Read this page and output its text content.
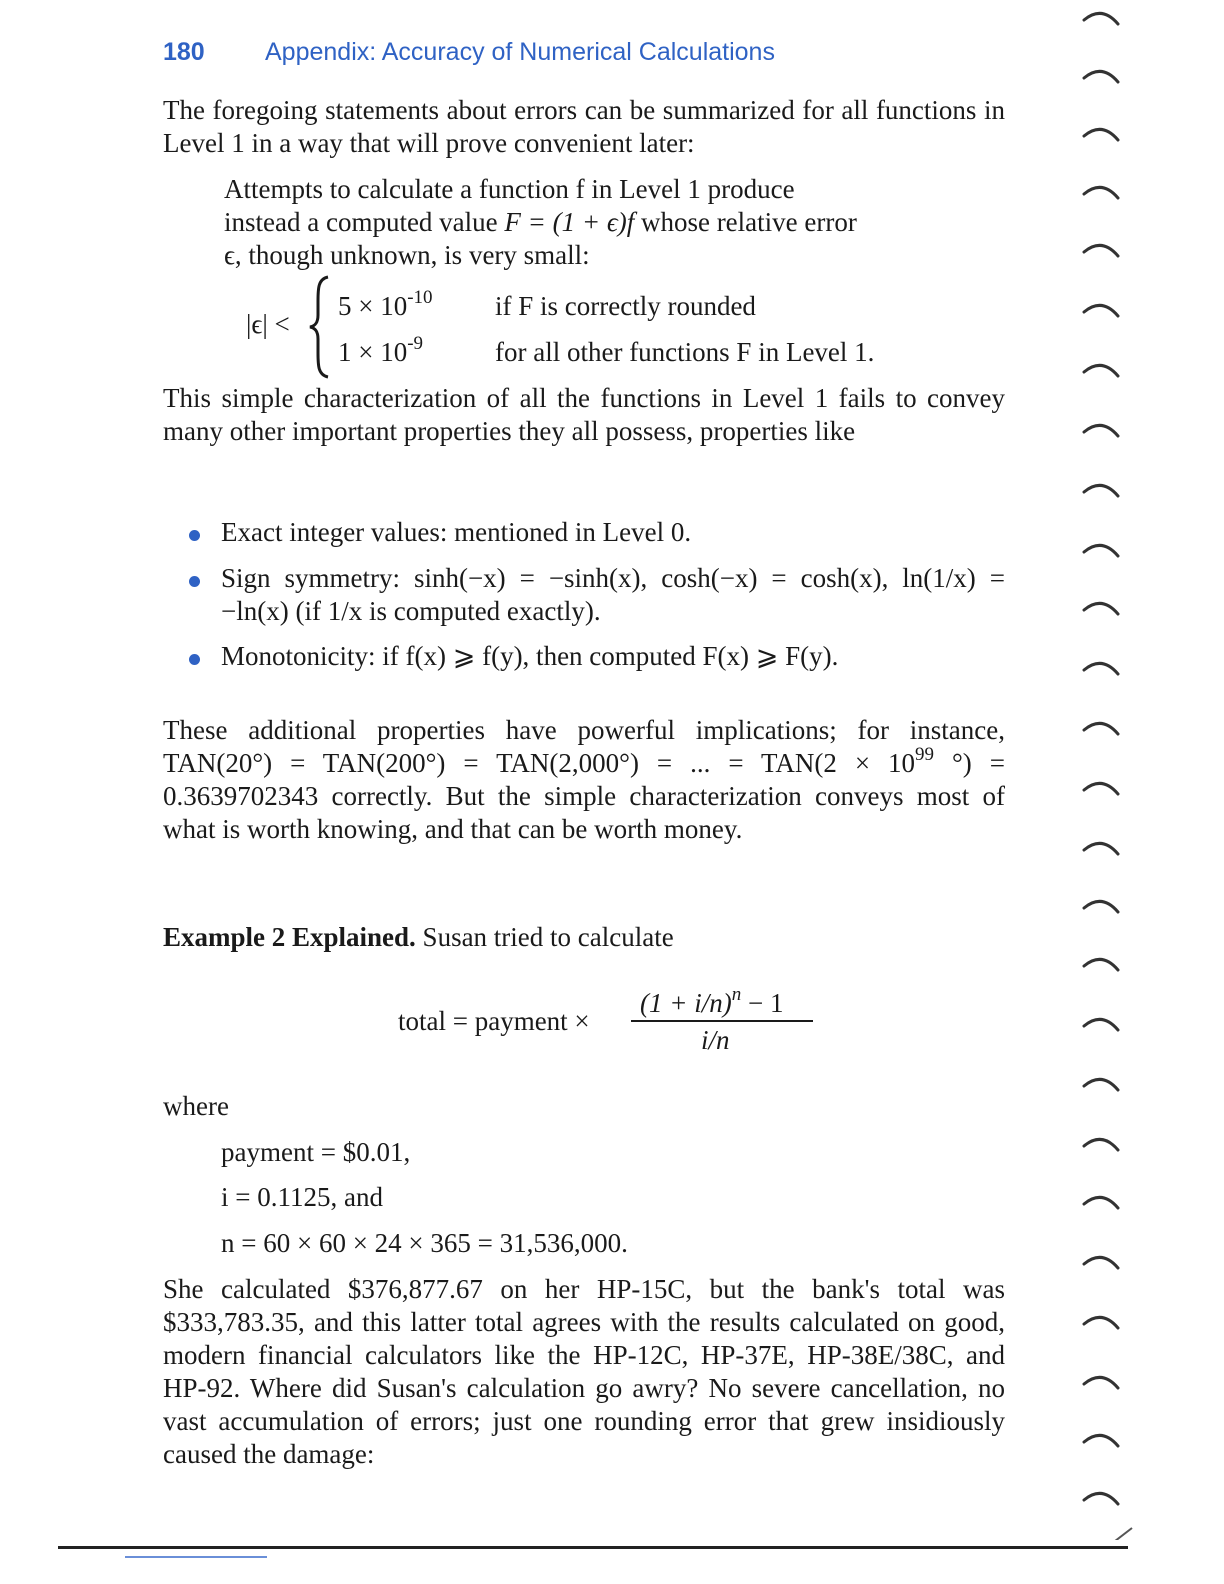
180 Appendix: Accuracy of Numerical Calculations

The foregoing statements about errors can be summarized for all functions in Level 1 in a way that will prove convenient later:

Attempts to calculate a function f in Level 1 produce

instead a computed value F = (1 + ϵ)f whose relative error
ϵ, though unknown, is very small:
|ϵ| <
$5 \times 10^{-10}$ if F is correctly rounded
$1 \times 10^{-9}$	for all other functions F in Level 1.

This simple characterization of all the functions in Level 1 fails to convey many other important properties they all possess, properties like

Exact integer values: mentioned in Level 0.

Sign symmetry: sinh(−x) = −sinh(x), cosh(−x) = cosh(x), ln(1/x) = −ln(x) (if 1/x is computed exactly).

Monotonicity: if f(x) ⩾ f(y), then computed F(x) ⩾ F(y).

These additional properties have powerful implications; for instance, TAN(20°) = TAN(200°) = TAN(2,000°) = ... = $TAN(2 \times 10^{99}$ °) = 0.3639702343 correctly. But the simple characterization conveys most of what is worth knowing, and that can be worth money.

Example 2 Explained. Susan tried to calculate
total = payment ×
$(1 + i/n)^n - 1$
i/n
where
payment = $0.01,
i = 0.1125, and
n = 60 × 60 × 24 × 365 = 31,536,000.

She calculated $376,877.67 on her HP-15C, but the bank's total was $333,783.35, and this latter total agrees with the results calculated on good, modern financial calculators like the HP-12C, HP-37E, HP-38E/38C, and HP-92. Where did Susan's calculation go awry? No severe cancellation, no vast accumulation of errors; just one rounding error that grew insidiously caused the damage:
